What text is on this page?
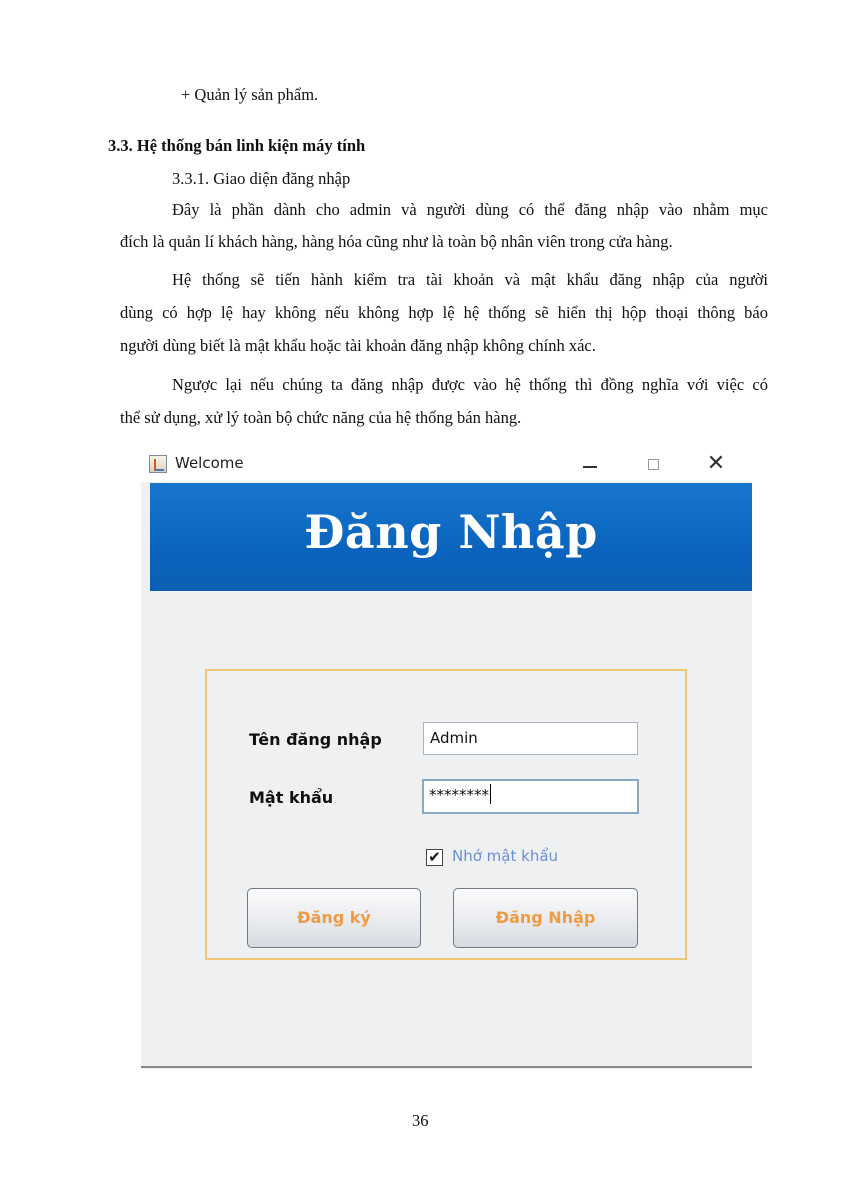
+ Quản lý sản phẩm.
3.3. Hệ thống bán linh kiện máy tính
3.3.1. Giao diện đăng nhập
Đây là phần dành cho admin và người dùng có thể đăng nhập vào nhằm mục
đích là quản lí khách hàng, hàng hóa cũng như là toàn bộ nhân viên trong cửa hàng.
Hệ thống sẽ tiến hành kiểm tra tài khoản và mật khẩu đăng nhập của người
dùng có hợp lệ hay không nếu không hợp lệ hệ thống sẽ hiển thị hộp thoại thông báo
người dùng biết là mật khẩu hoặc tài khoản đăng nhập không chính xác.
Ngược lại nếu chúng ta đăng nhập được vào hệ thống thì đồng nghĩa với việc có
thể sử dụng, xử lý toàn bộ chức năng của hệ thống bán hàng.
Welcome	✕
Đăng Nhập
Tên đăng nhập	Admin
Mật khẩu	********
✔ Nhớ mật khẩu
Đăng ký	Đăng Nhập
36
